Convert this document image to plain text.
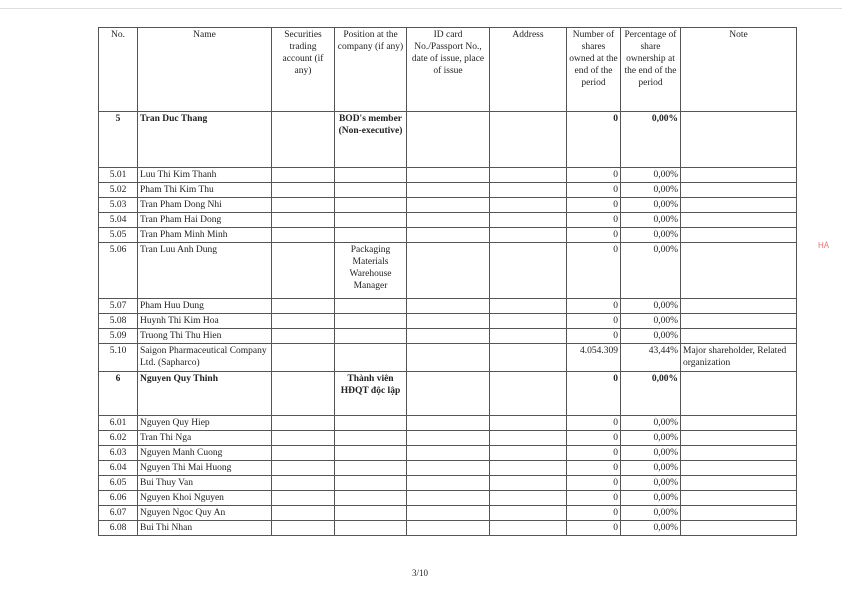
No.	Name	Securities trading account (if any)	Position at the company (if any)	ID card No./Passport No., date of issue, place of issue	Address	Number of shares owned at the end of the period	Percentage of share ownership at the end of the period	Note
5	Tran Duc Thang		BOD's member (Non-executive)			0	0,00%	
5.01	Luu Thi Kim Thanh					0	0,00%	
5.02	Pham Thi Kim Thu					0	0,00%	
5.03	Tran Pham Dong Nhi					0	0,00%	
5.04	Tran Pham Hai Dong					0	0,00%	
5.05	Tran Pham Minh Minh					0	0,00%	
5.06	Tran Luu Anh Dung		Packaging Materials Warehouse Manager			0	0,00%	
5.07	Pham Huu Dung					0	0,00%	
5.08	Huynh Thi Kim Hoa					0	0,00%	
5.09	Truong Thi Thu Hien					0	0,00%	
5.10	Saigon Pharmaceutical Company Ltd. (Sapharco)					4.054.309	43,44%	Major shareholder, Related organization
6	Nguyen Quy Thinh		Thành viên HĐQT độc lập			0	0,00%	
6.01	Nguyen Quy Hiep					0	0,00%	
6.02	Tran Thi Nga					0	0,00%	
6.03	Nguyen Manh Cuong					0	0,00%	
6.04	Nguyen Thi Mai Huong					0	0,00%	
6.05	Bui Thuy Van					0	0,00%	
6.06	Nguyen Khoi Nguyen					0	0,00%	
6.07	Nguyen Ngoc Quy An					0	0,00%	
6.08	Bui Thi Nhan					0	0,00%	
3/10
HÀ
